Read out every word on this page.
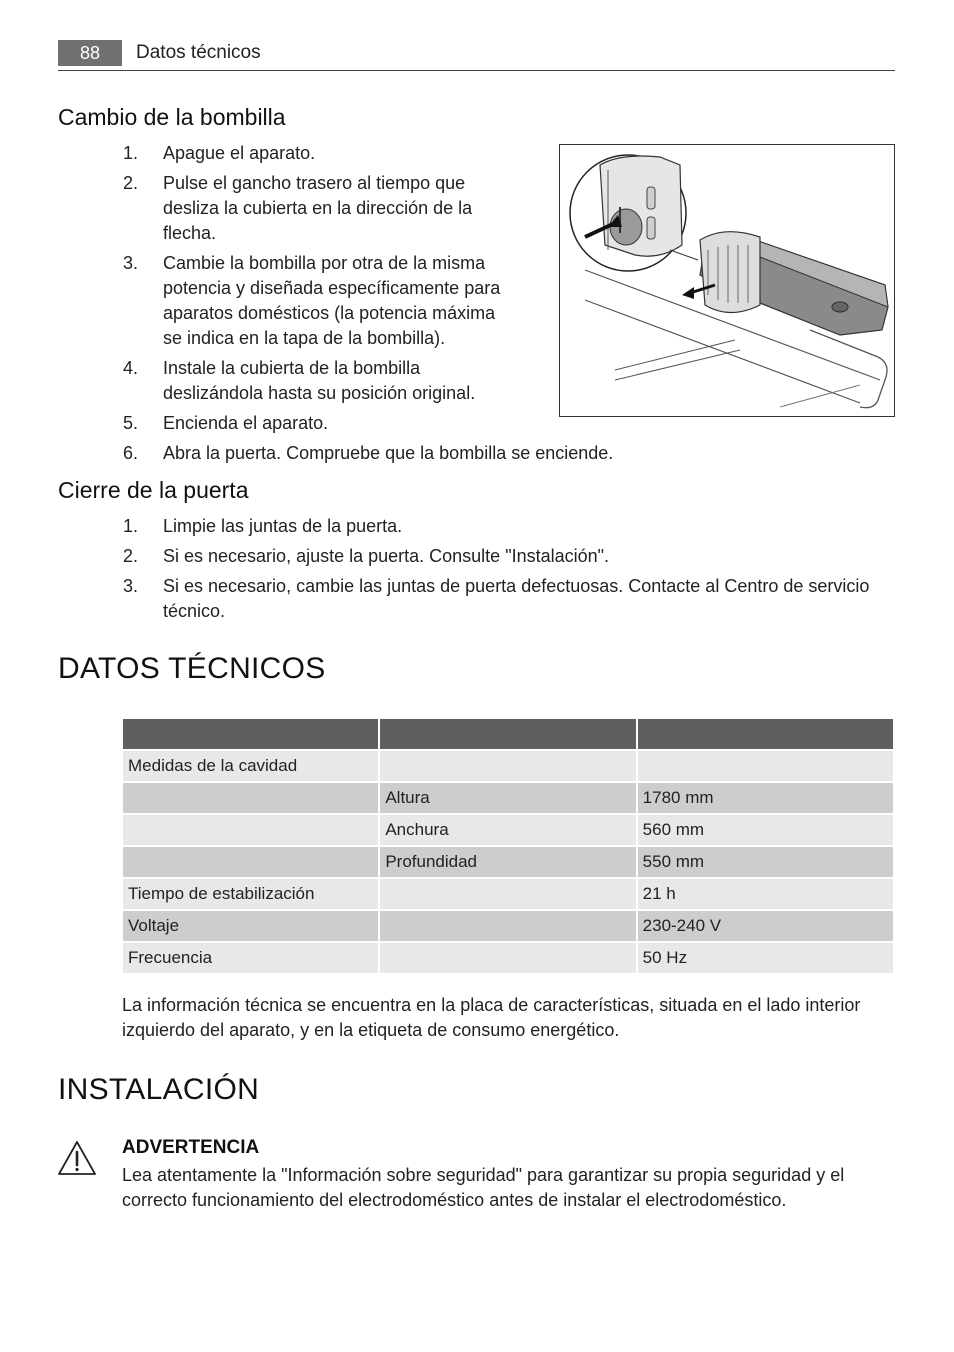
88	Datos técnicos
Cambio de la bombilla
1. Apague el aparato.
2. Pulse el gancho trasero al tiempo que desliza la cubierta en la dirección de la flecha.
3. Cambie la bombilla por otra de la misma potencia y diseñada específicamente para aparatos domésticos (la potencia máxima se indica en la tapa de la bombilla).
4. Instale la cubierta de la bombilla deslizándola hasta su posición original.
5. Encienda el aparato.
6. Abra la puerta. Compruebe que la bombilla se enciende.
Cierre de la puerta
1. Limpie las juntas de la puerta.
2. Si es necesario, ajuste la puerta. Consulte "Instalación".
3. Si es necesario, cambie las juntas de puerta defectuosas. Contacte al Centro de servicio técnico.
DATOS TÉCNICOS

Medidas de la cavidad		
	Altura	1780 mm
	Anchura	560 mm
	Profundidad	550 mm
Tiempo de estabilización		21 h
Voltaje		230-240 V
Frecuencia		50 Hz

La información técnica se encuentra en la placa de características, situada en el lado interior izquierdo del aparato, y en la etiqueta de consumo energético.

INSTALACIÓN
ADVERTENCIA

Lea atentamente la "Información sobre seguridad" para garantizar su propia seguridad y el correcto funcionamiento del electrodoméstico antes de instalar el electrodoméstico.
